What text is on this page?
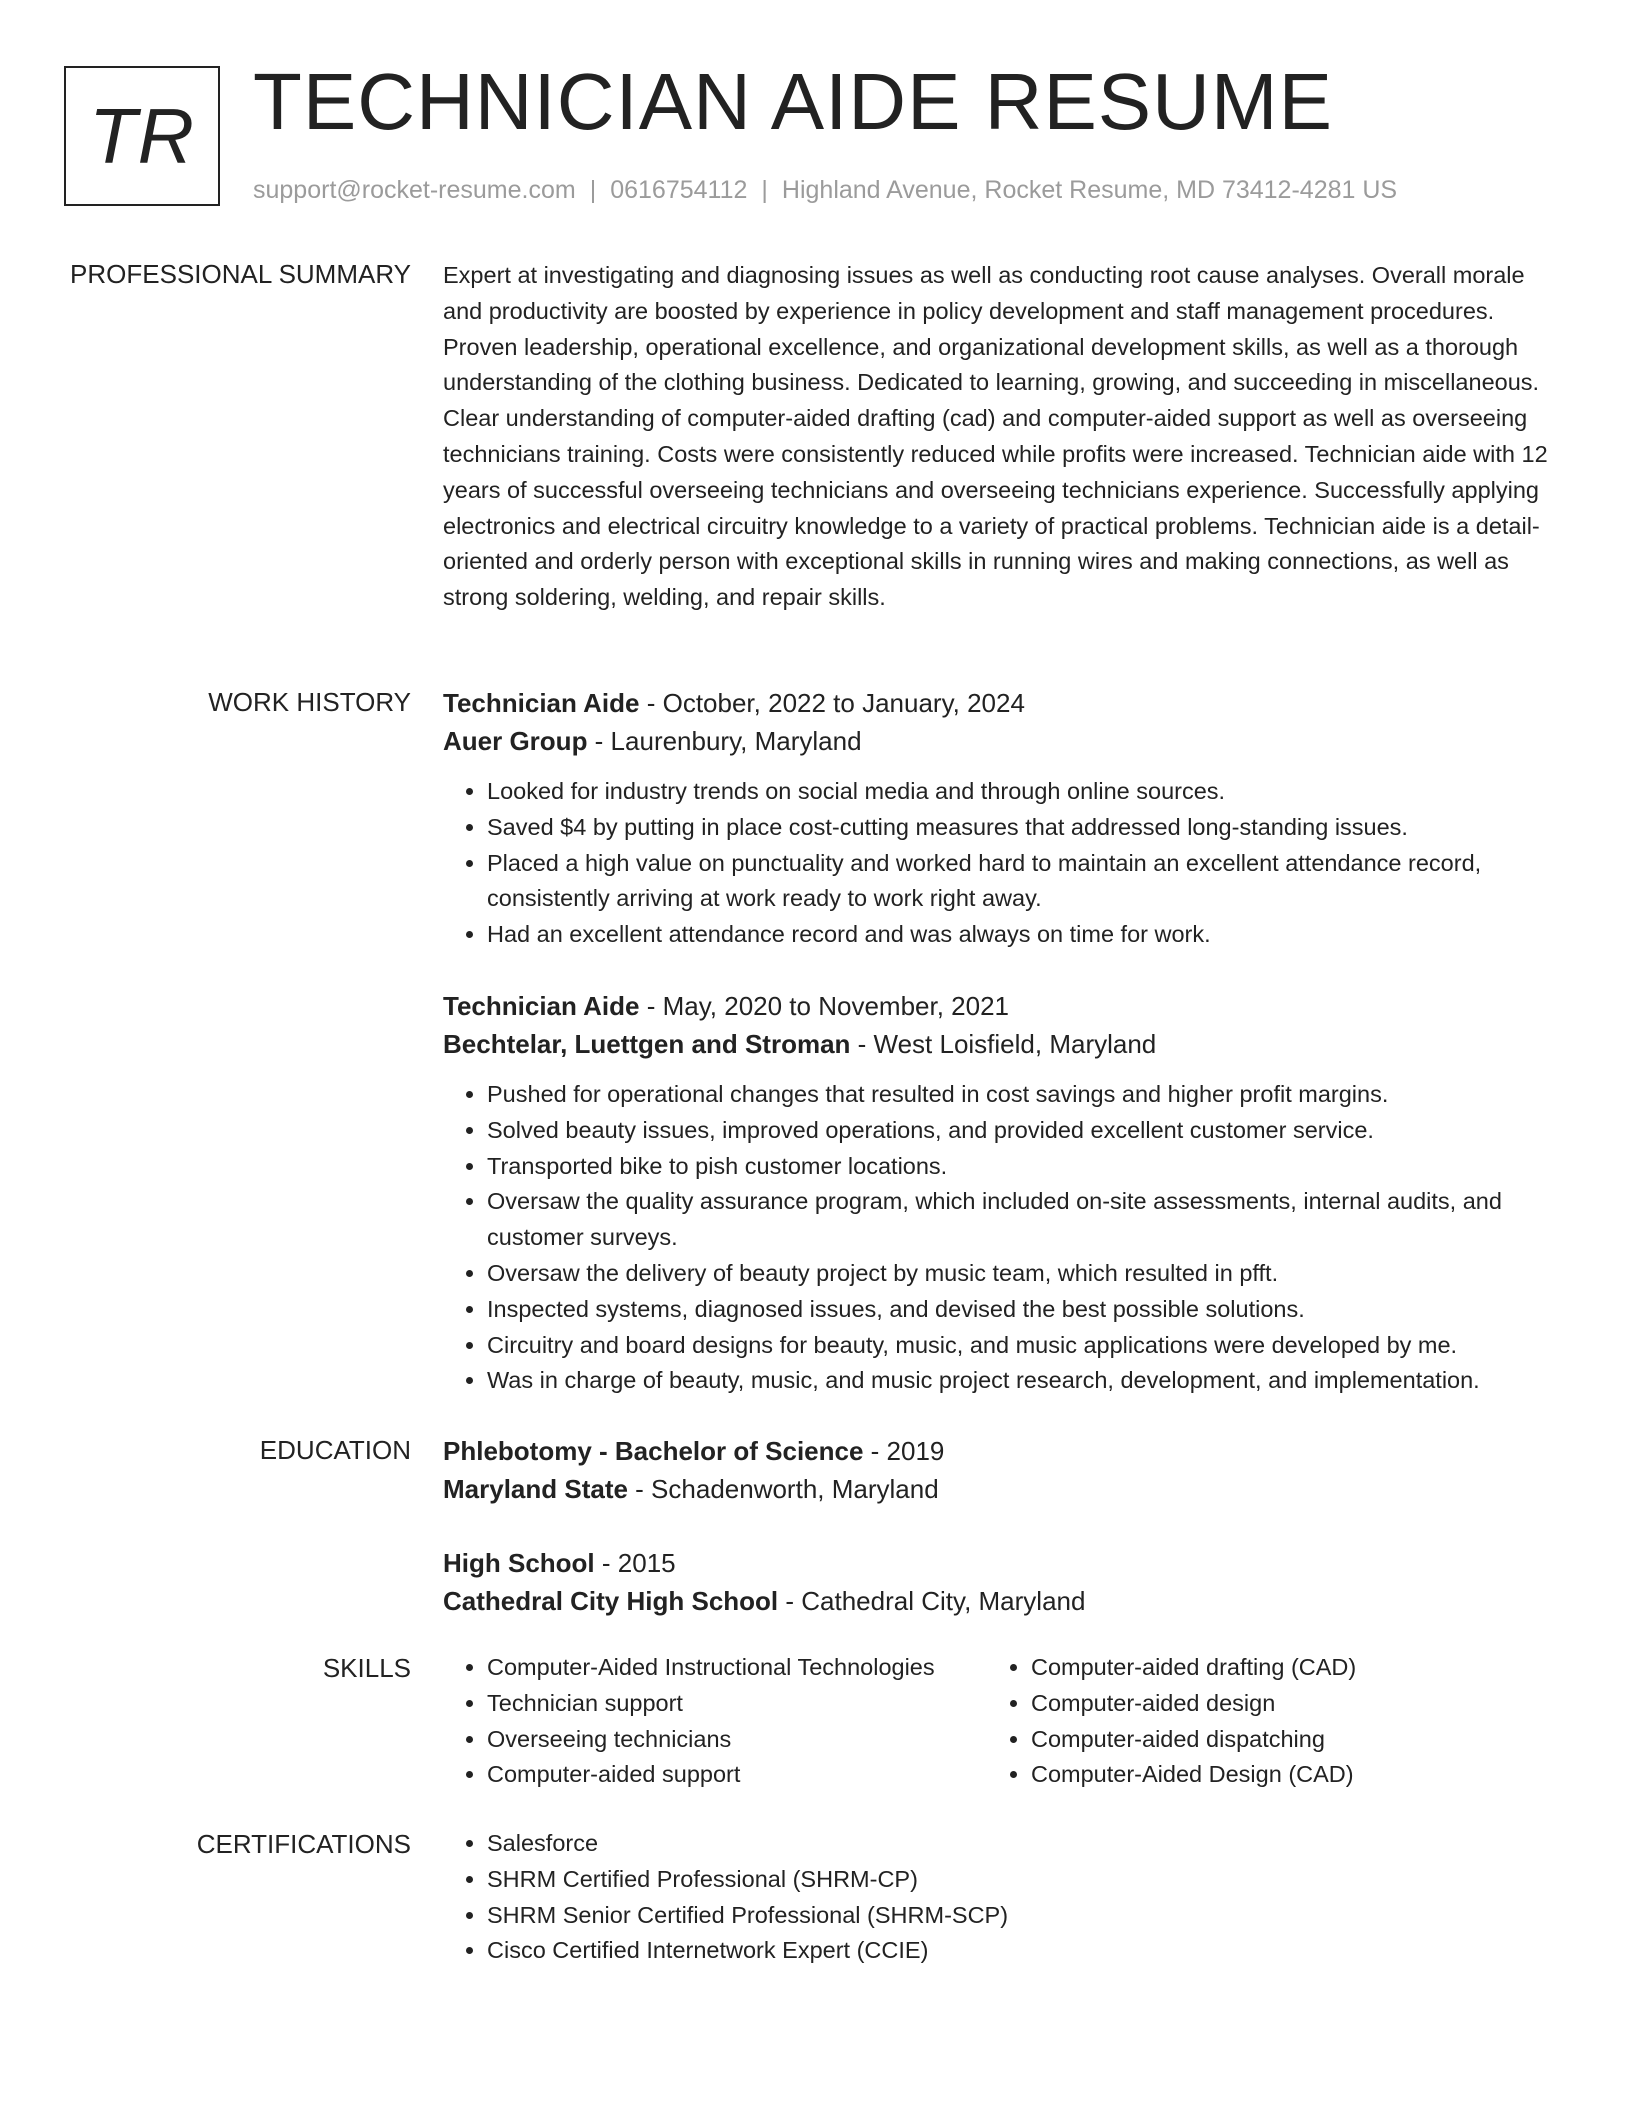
TR TECHNICIAN AIDE RESUME
support@rocket-resume.com | 0616754112 | Highland Avenue, Rocket Resume, MD 73412-4281 US
PROFESSIONAL SUMMARY Expert at investigating and diagnosing issues as well as conducting root cause analyses. Overall morale and productivity are boosted by experience in policy development and staff management procedures. Proven leadership, operational excellence, and organizational development skills, as well as a thorough understanding of the clothing business. Dedicated to learning, growing, and succeeding in miscellaneous. Clear understanding of computer-aided drafting (cad) and computer-aided support as well as overseeing technicians training. Costs were consistently reduced while profits were increased. Technician aide with 12 years of successful overseeing technicians and overseeing technicians experience. Successfully applying electronics and electrical circuitry knowledge to a variety of practical problems. Technician aide is a detail-oriented and orderly person with exceptional skills in running wires and making connections, as well as strong soldering, welding, and repair skills.

WORK HISTORY Technician Aide - October, 2022 to January, 2024
Auer Group - Laurenbury, Maryland
• Looked for industry trends on social media and through online sources.
• Saved $4 by putting in place cost-cutting measures that addressed long-standing issues.
• Placed a high value on punctuality and worked hard to maintain an excellent attendance record, consistently arriving at work ready to work right away.
• Had an excellent attendance record and was always on time for work.
Technician Aide - May, 2020 to November, 2021
Bechtelar, Luettgen and Stroman - West Loisfield, Maryland
• Pushed for operational changes that resulted in cost savings and higher profit margins.
• Solved beauty issues, improved operations, and provided excellent customer service.
• Transported bike to pish customer locations.
• Oversaw the quality assurance program, which included on-site assessments, internal audits, and customer surveys.
• Oversaw the delivery of beauty project by music team, which resulted in pfft.
• Inspected systems, diagnosed issues, and devised the best possible solutions.
• Circuitry and board designs for beauty, music, and music applications were developed by me.
• Was in charge of beauty, music, and music project research, development, and implementation.
EDUCATION Phlebotomy - Bachelor of Science - 2019
Maryland State - Schadenworth, Maryland
High School - 2015
Cathedral City High School - Cathedral City, Maryland
SKILLS	• Computer-Aided Instructional Technologies
• Technician support
• Overseeing technicians
• Computer-aided support
• Computer-aided drafting (CAD)
• Computer-aided design
• Computer-aided dispatching
• Computer-Aided Design (CAD)
CERTIFICATIONS	• Salesforce
• SHRM Certified Professional (SHRM-CP)
• SHRM Senior Certified Professional (SHRM-SCP)
• Cisco Certified Internetwork Expert (CCIE)
